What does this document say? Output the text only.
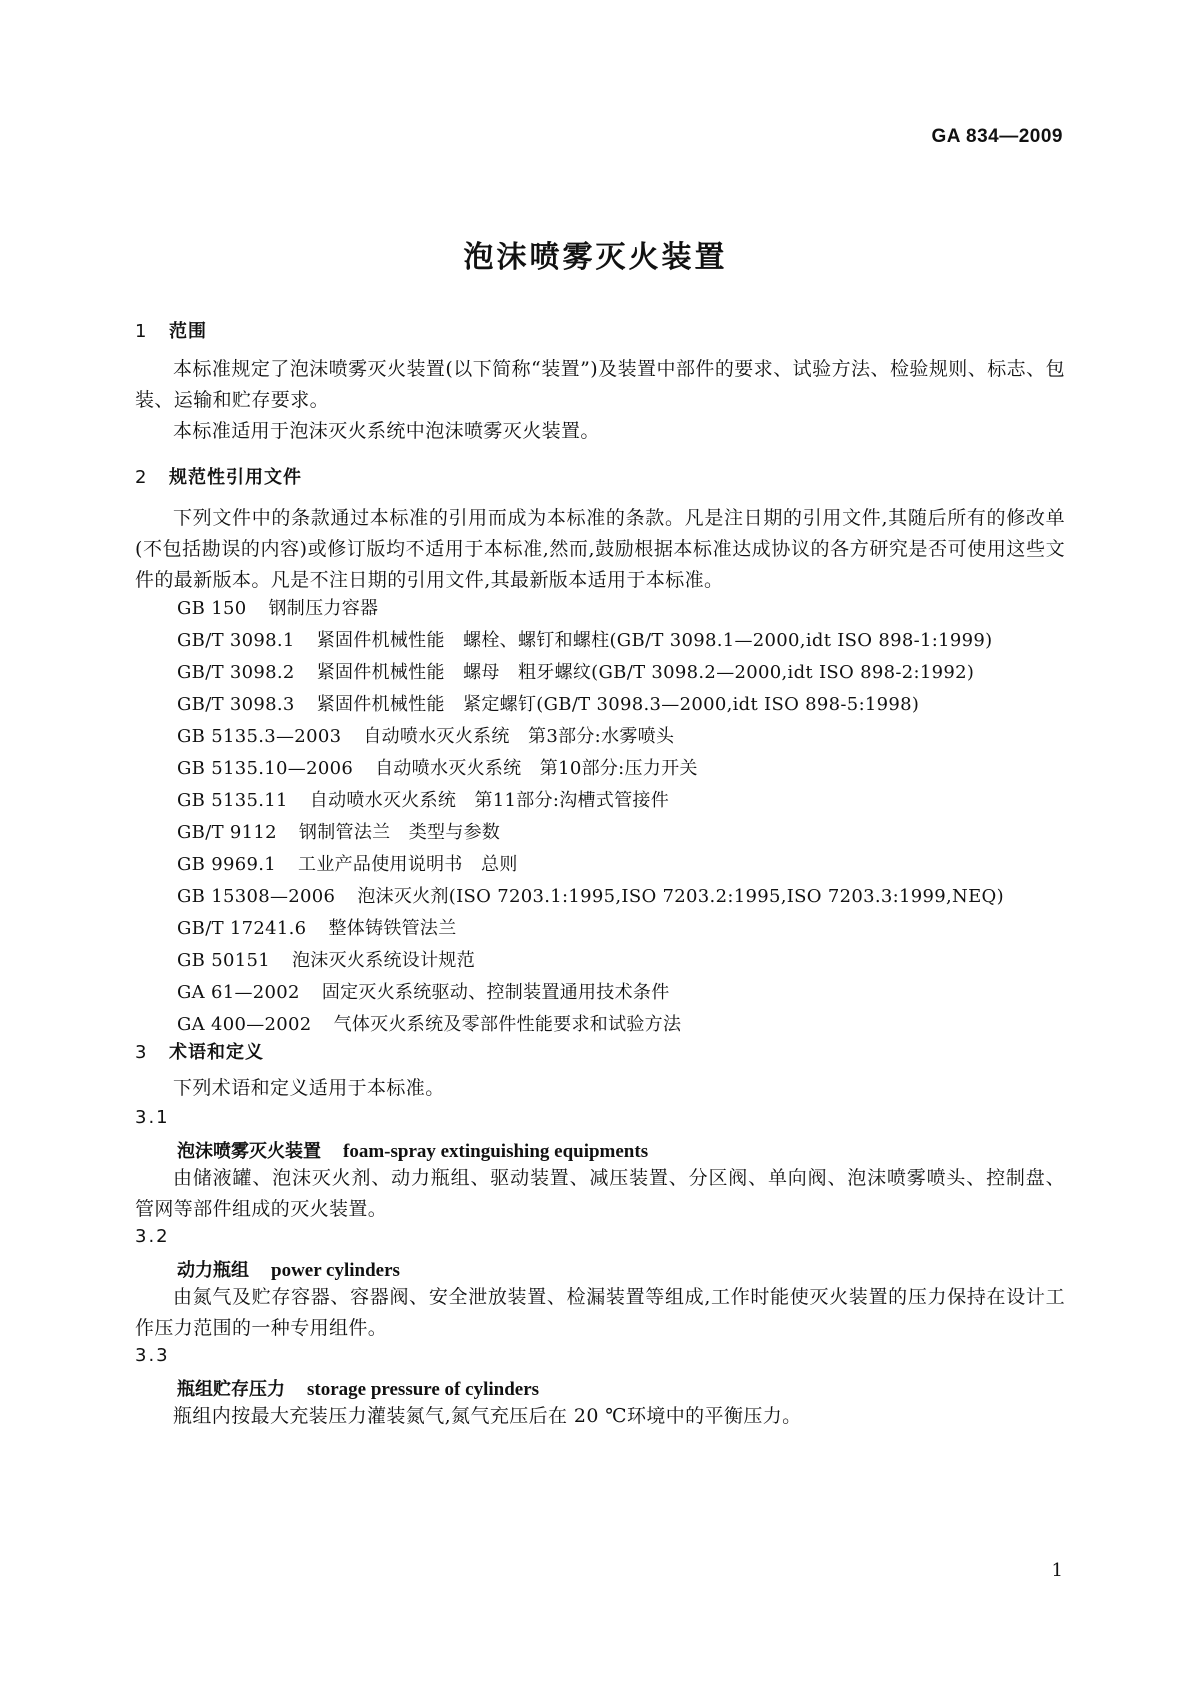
GA 834—2009
泡沫喷雾灭火装置
1 范围
本标准规定了泡沫喷雾灭火装置(以下简称“装置”)及装置中部件的要求、试验方法、检验规则、标志、包装、运输和贮存要求。
本标准适用于泡沫灭火系统中泡沫喷雾灭火装置。
2 规范性引用文件
下列文件中的条款通过本标准的引用而成为本标准的条款。凡是注日期的引用文件,其随后所有的修改单(不包括勘误的内容)或修订版均不适用于本标准,然而,鼓励根据本标准达成协议的各方研究是否可使用这些文件的最新版本。凡是不注日期的引用文件,其最新版本适用于本标准。
GB 150 钢制压力容器
GB/T 3098.1 紧固件机械性能　螺栓、螺钉和螺柱(GB/T 3098.1—2000,idt ISO 898-1:1999)
GB/T 3098.2 紧固件机械性能　螺母　粗牙螺纹(GB/T 3098.2—2000,idt ISO 898-2:1992)
GB/T 3098.3 紧固件机械性能　紧定螺钉(GB/T 3098.3—2000,idt ISO 898-5:1998)
GB 5135.3—2003 自动喷水灭火系统　第3部分:水雾喷头
GB 5135.10—2006 自动喷水灭火系统　第10部分:压力开关
GB 5135.11 自动喷水灭火系统　第11部分:沟槽式管接件
GB/T 9112 钢制管法兰　类型与参数
GB 9969.1 工业产品使用说明书　总则
GB 15308—2006 泡沫灭火剂(ISO 7203.1:1995,ISO 7203.2:1995,ISO 7203.3:1999,NEQ)
GB/T 17241.6 整体铸铁管法兰
GB 50151 泡沫灭火系统设计规范
GA 61—2002 固定灭火系统驱动、控制装置通用技术条件
GA 400—2002 气体灭火系统及零部件性能要求和试验方法
3 术语和定义
下列术语和定义适用于本标准。
3.1
泡沫喷雾灭火装置 foam-spray extinguishing equipments
由储液罐、泡沫灭火剂、动力瓶组、驱动装置、减压装置、分区阀、单向阀、泡沫喷雾喷头、控制盘、管网等部件组成的灭火装置。
3.2
动力瓶组 power cylinders
由氮气及贮存容器、容器阀、安全泄放装置、检漏装置等组成,工作时能使灭火装置的压力保持在设计工作压力范围的一种专用组件。
3.3
瓶组贮存压力 storage pressure of cylinders
瓶组内按最大充装压力灌装氮气,氮气充压后在 20 ℃环境中的平衡压力。
1
